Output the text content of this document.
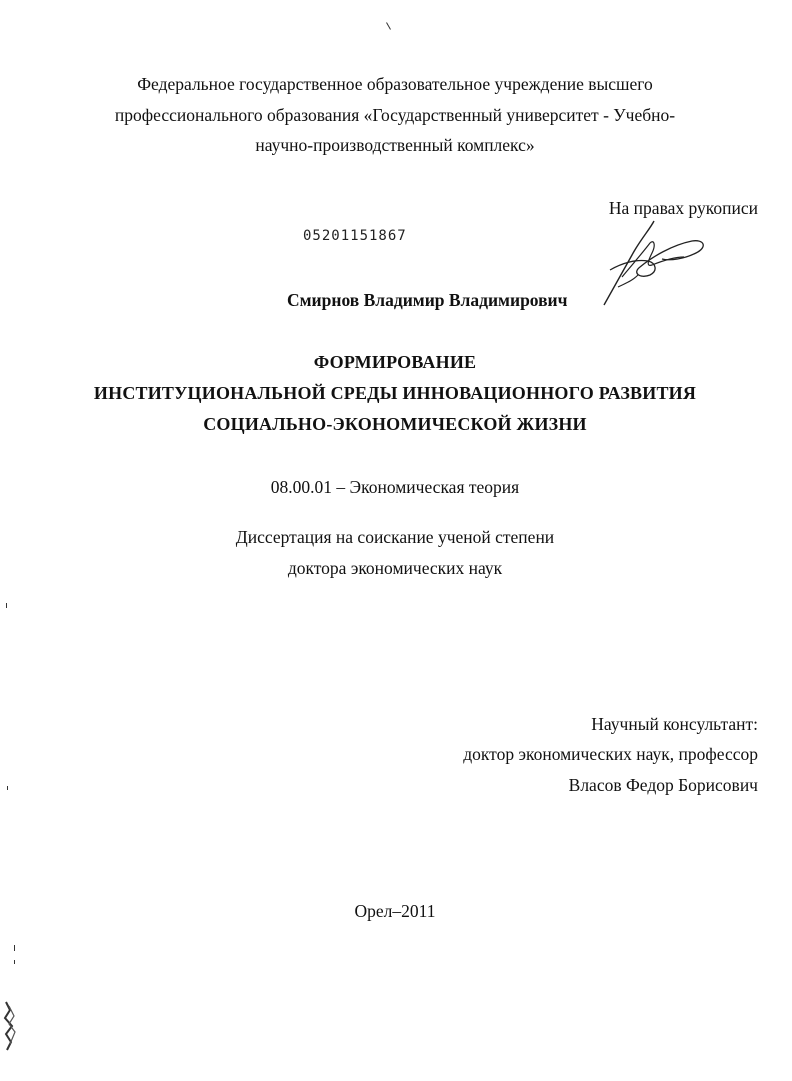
Федеральное государственное образовательное учреждение высшего
профессионального образования «Государственный университет - Учебно-
научно-производственный комплекс»
На правах рукописи
05201151867
Смирнов Владимир Владимирович
ФОРМИРОВАНИЕ
ИНСТИТУЦИОНАЛЬНОЙ СРЕДЫ ИННОВАЦИОННОГО РАЗВИТИЯ
СОЦИАЛЬНО-ЭКОНОМИЧЕСКОЙ ЖИЗНИ
08.00.01 – Экономическая теория
Диссертация на соискание ученой степени
доктора экономических наук
Научный консультант:
доктор экономических наук, профессор
Власов Федор Борисович
Орел–2011
